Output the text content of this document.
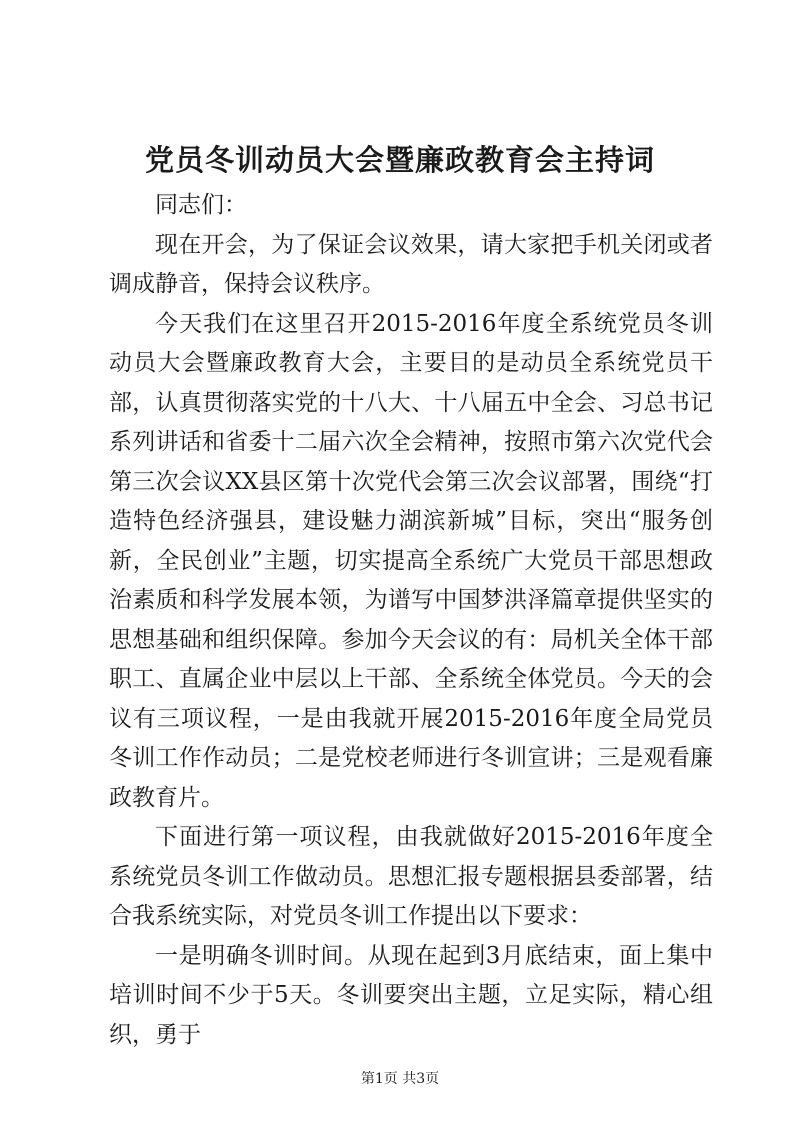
党员冬训动员大会暨廉政教育会主持词

同志们：

现在开会，为了保证会议效果，请大家把手机关闭或者调成静音，保持会议秩序。

今天我们在这里召开2015-2016年度全系统党员冬训动员大会暨廉政教育大会，主要目的是动员全系统党员干部，认真贯彻落实党的十八大、十八届五中全会、习总书记系列讲话和省委十二届六次全会精神，按照市第六次党代会第三次会议XX县区第十次党代会第三次会议部署，围绕“打造特色经济强县，建设魅力湖滨新城”目标，突出“服务创新，全民创业”主题，切实提高全系统广大党员干部思想政治素质和科学发展本领，为谱写中国梦洪泽篇章提供坚实的思想基础和组织保障。参加今天会议的有：局机关全体干部职工、直属企业中层以上干部、全系统全体党员。今天的会议有三项议程，一是由我就开展2015-2016年度全局党员冬训工作作动员；二是党校老师进行冬训宣讲；三是观看廉政教育片。

下面进行第一项议程，由我就做好2015-2016年度全系统党员冬训工作做动员。思想汇报专题根据县委部署，结合我系统实际，对党员冬训工作提出以下要求：

一是明确冬训时间。从现在起到3月底结束，面上集中培训时间不少于5天。冬训要突出主题，立足实际，精心组织，勇于

第1页 共3页
